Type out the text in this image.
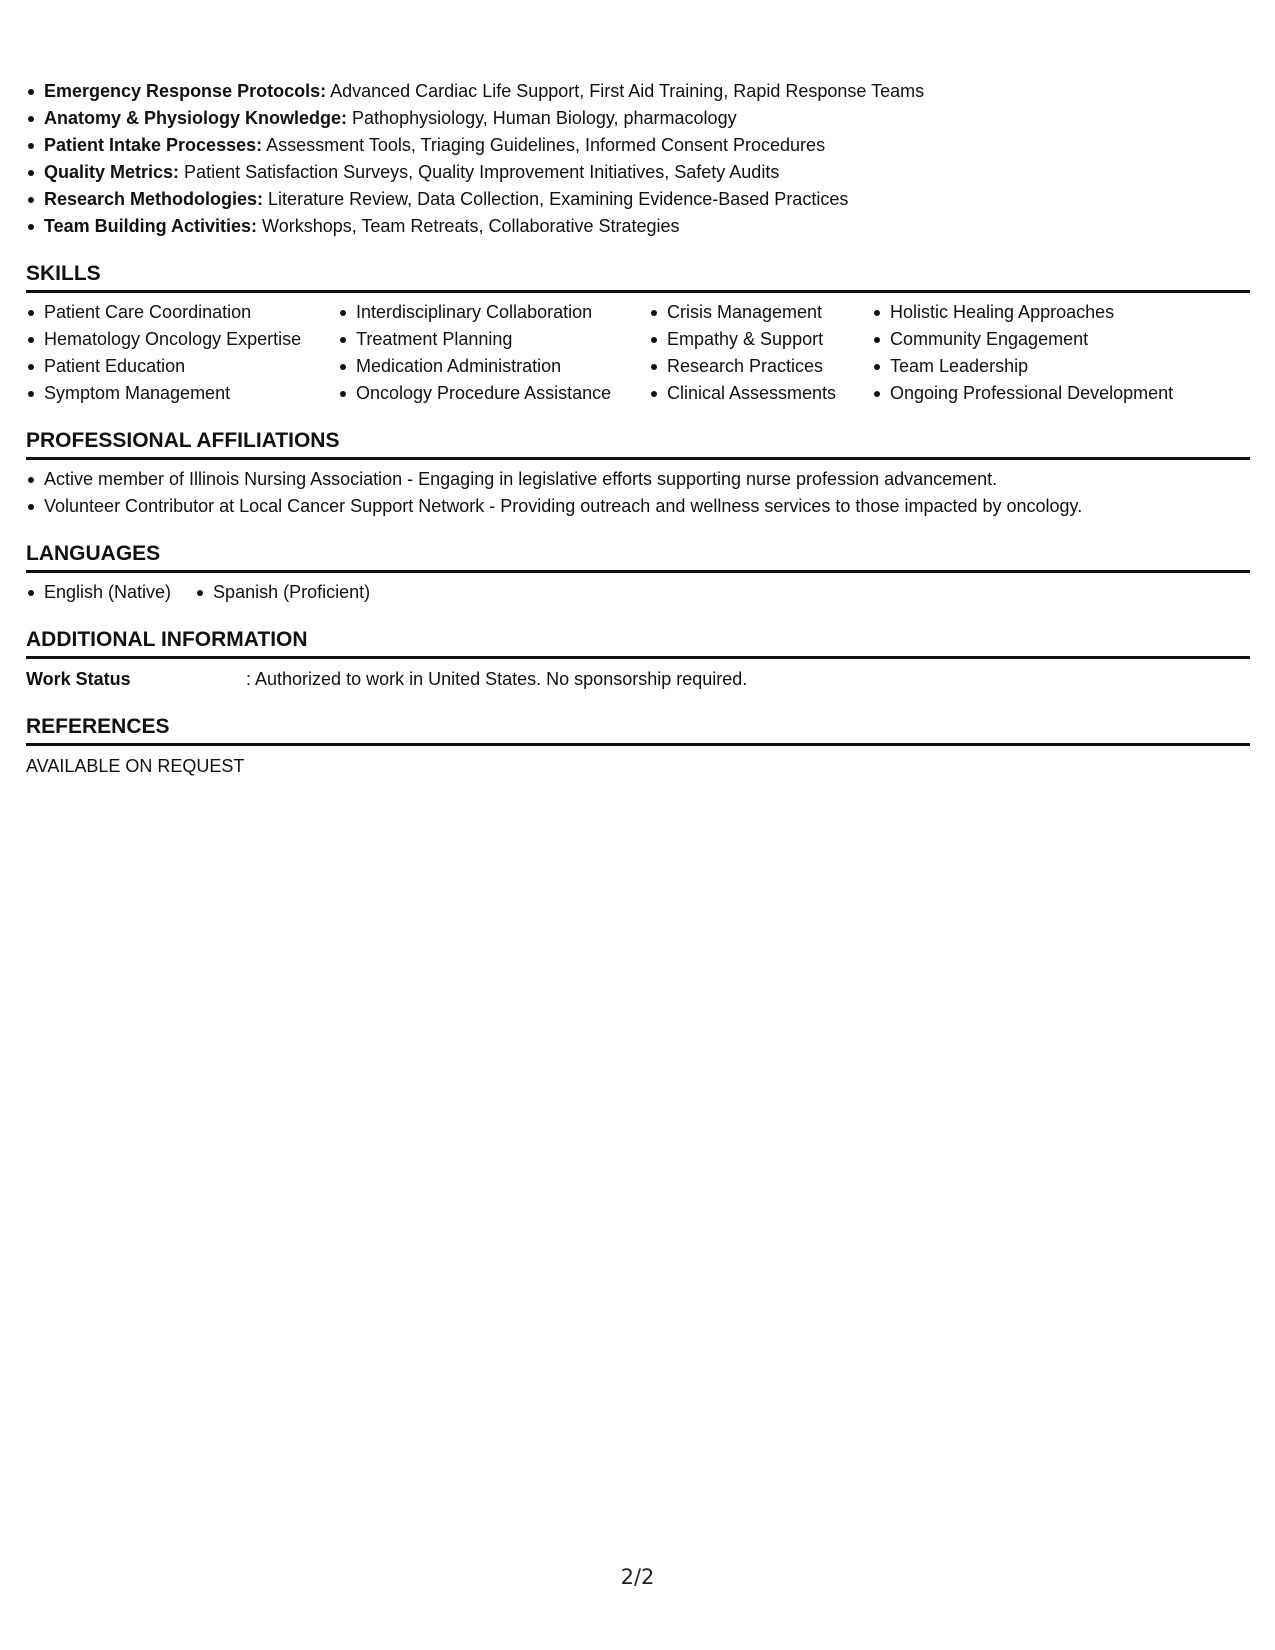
Emergency Response Protocols: Advanced Cardiac Life Support, First Aid Training, Rapid Response Teams
Anatomy & Physiology Knowledge: Pathophysiology, Human Biology, pharmacology
Patient Intake Processes: Assessment Tools, Triaging Guidelines, Informed Consent Procedures
Quality Metrics: Patient Satisfaction Surveys, Quality Improvement Initiatives, Safety Audits
Research Methodologies: Literature Review, Data Collection, Examining Evidence-Based Practices
Team Building Activities: Workshops, Team Retreats, Collaborative Strategies
SKILLS
Patient Care Coordination
Hematology Oncology Expertise
Patient Education
Symptom Management
Interdisciplinary Collaboration
Treatment Planning
Medication Administration
Oncology Procedure Assistance
Crisis Management
Empathy & Support
Research Practices
Clinical Assessments
Holistic Healing Approaches
Community Engagement
Team Leadership
Ongoing Professional Development
PROFESSIONAL AFFILIATIONS
Active member of Illinois Nursing Association - Engaging in legislative efforts supporting nurse profession advancement.
Volunteer Contributor at Local Cancer Support Network - Providing outreach and wellness services to those impacted by oncology.
LANGUAGES
English (Native)	Spanish (Proficient)
ADDITIONAL INFORMATION
Work Status	: Authorized to work in United States. No sponsorship required.
REFERENCES
AVAILABLE ON REQUEST
2/2
